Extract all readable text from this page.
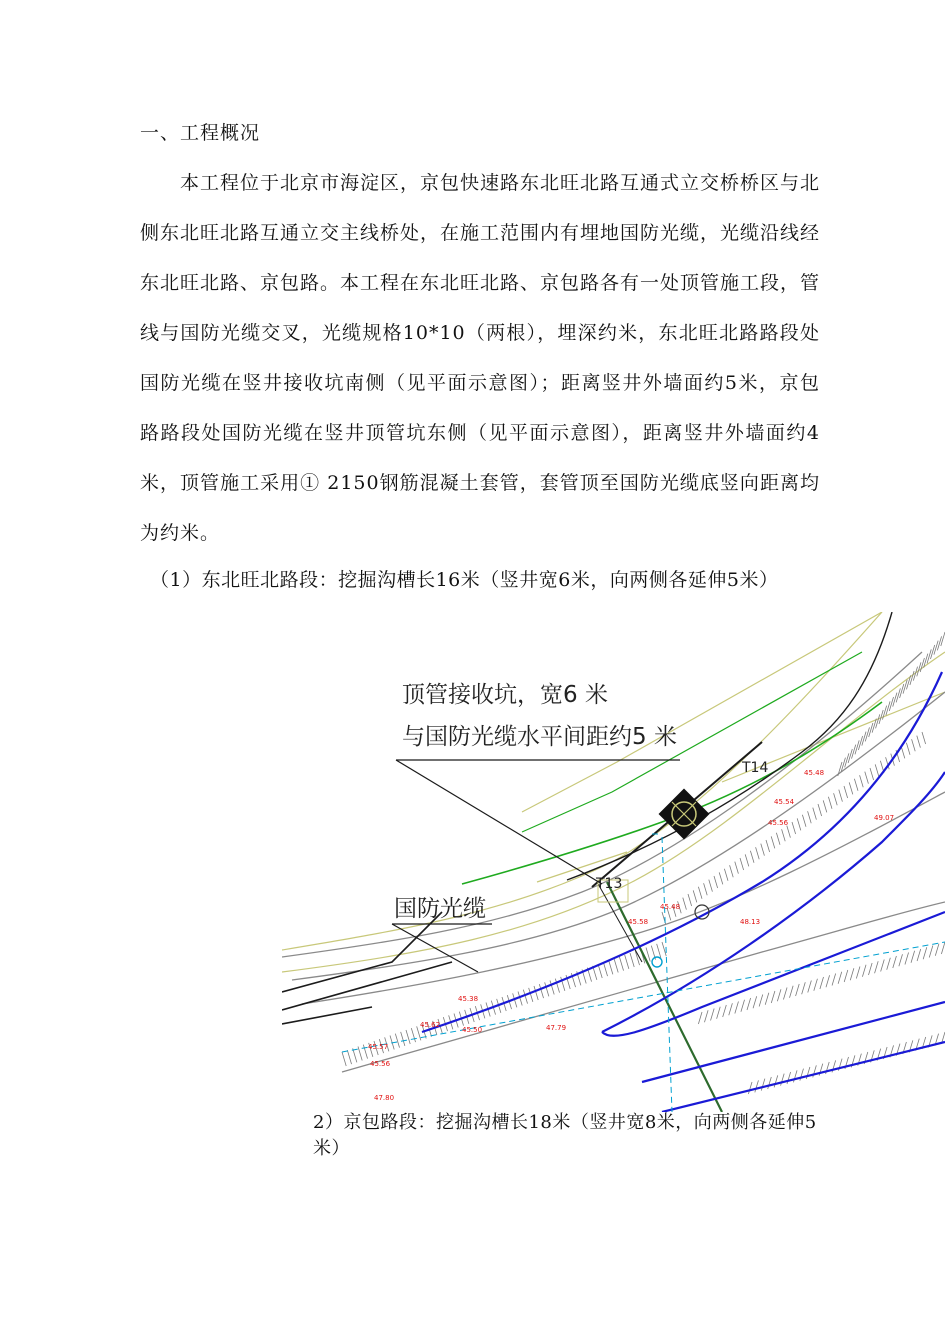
一、工程概况
本工程位于北京市海淀区，京包快速路东北旺北路互通式立交桥桥区与北侧东北旺北路互通立交主线桥处，在施工范围内有埋地国防光缆，光缆沿线经东北旺北路、京包路。本工程在东北旺北路、京包路各有一处顶管施工段，管线与国防光缆交叉，光缆规格10*10（两根），埋深约米，东北旺北路路段处国防光缆在竖井接收坑南侧（见平面示意图）；距离竖井外墙面约5米，京包路路段处国防光缆在竖井顶管坑东侧（见平面示意图），距离竖井外墙面约4米，顶管施工采用① 2150钢筋混凝土套管，套管顶至国防光缆底竖向距离均为约米。
（1）东北旺北路段：挖掘沟槽长16米（竖井宽6米，向两侧各延伸5米）
顶管接收坑，宽6 米
与国防光缆水平间距约5 米
国防光缆
T14
T13
45.48
45.54
45.56
49.07
45.48
45.58	48.13
45.38
45.62
45.50	47.79
45.57
45.56
47.80
2）京包路段：挖掘沟槽长18米（竖井宽8米，向两侧各延伸5米）
